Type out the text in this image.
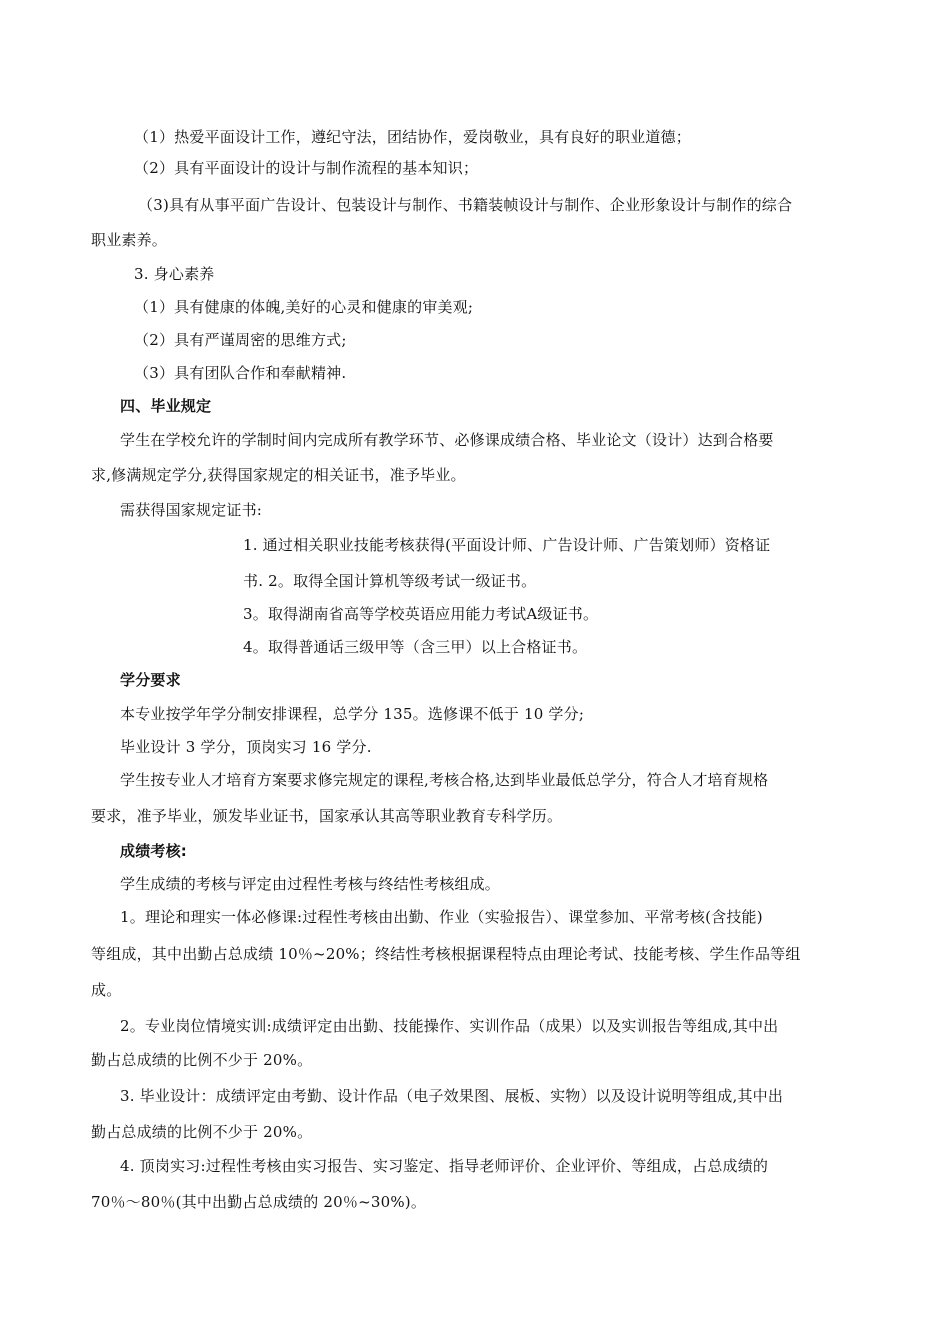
（1）热爱平面设计工作，遵纪守法，团结协作，爱岗敬业，具有良好的职业道德；
（2）具有平面设计的设计与制作流程的基本知识；
（3)具有从事平面广告设计、包装设计与制作、书籍装帧设计与制作、企业形象设计与制作的综合
职业素养。
3. 身心素养
（1）具有健康的体魄,美好的心灵和健康的审美观;
（2）具有严谨周密的思维方式;
（3）具有团队合作和奉献精神.
四、毕业规定
学生在学校允许的学制时间内完成所有教学环节、必修课成绩合格、毕业论文（设计）达到合格要
求,修满规定学分,获得国家规定的相关证书，准予毕业。
需获得国家规定证书:
1. 通过相关职业技能考核获得(平面设计师、广告设计师、广告策划师）资格证
书. 2。取得全国计算机等级考试一级证书。
3。取得湖南省高等学校英语应用能力考试A级证书。
4。取得普通话三级甲等（含三甲）以上合格证书。
学分要求
本专业按学年学分制安排课程，总学分 135。选修课不低于 10 学分;
毕业设计 3 学分，顶岗实习 16 学分.
学生按专业人才培育方案要求修完规定的课程,考核合格,达到毕业最低总学分，符合人才培育规格
要求，准予毕业，颁发毕业证书，国家承认其高等职业教育专科学历。
成绩考核:
学生成绩的考核与评定由过程性考核与终结性考核组成。
1。理论和理实一体必修课:过程性考核由出勤、作业（实验报告）、课堂参加、平常考核(含技能)
等组成，其中出勤占总成绩 10％~20%；终结性考核根据课程特点由理论考试、技能考核、学生作品等组
成。
2。专业岗位情境实训:成绩评定由出勤、技能操作、实训作品（成果）以及实训报告等组成,其中出
勤占总成绩的比例不少于 20%。
3. 毕业设计：成绩评定由考勤、设计作品（电子效果图、展板、实物）以及设计说明等组成,其中出
勤占总成绩的比例不少于 20%。
4. 顶岗实习:过程性考核由实习报告、实习鉴定、指导老师评价、企业评价、等组成，占总成绩的
70％～80％(其中出勤占总成绩的 20％~30%)。
